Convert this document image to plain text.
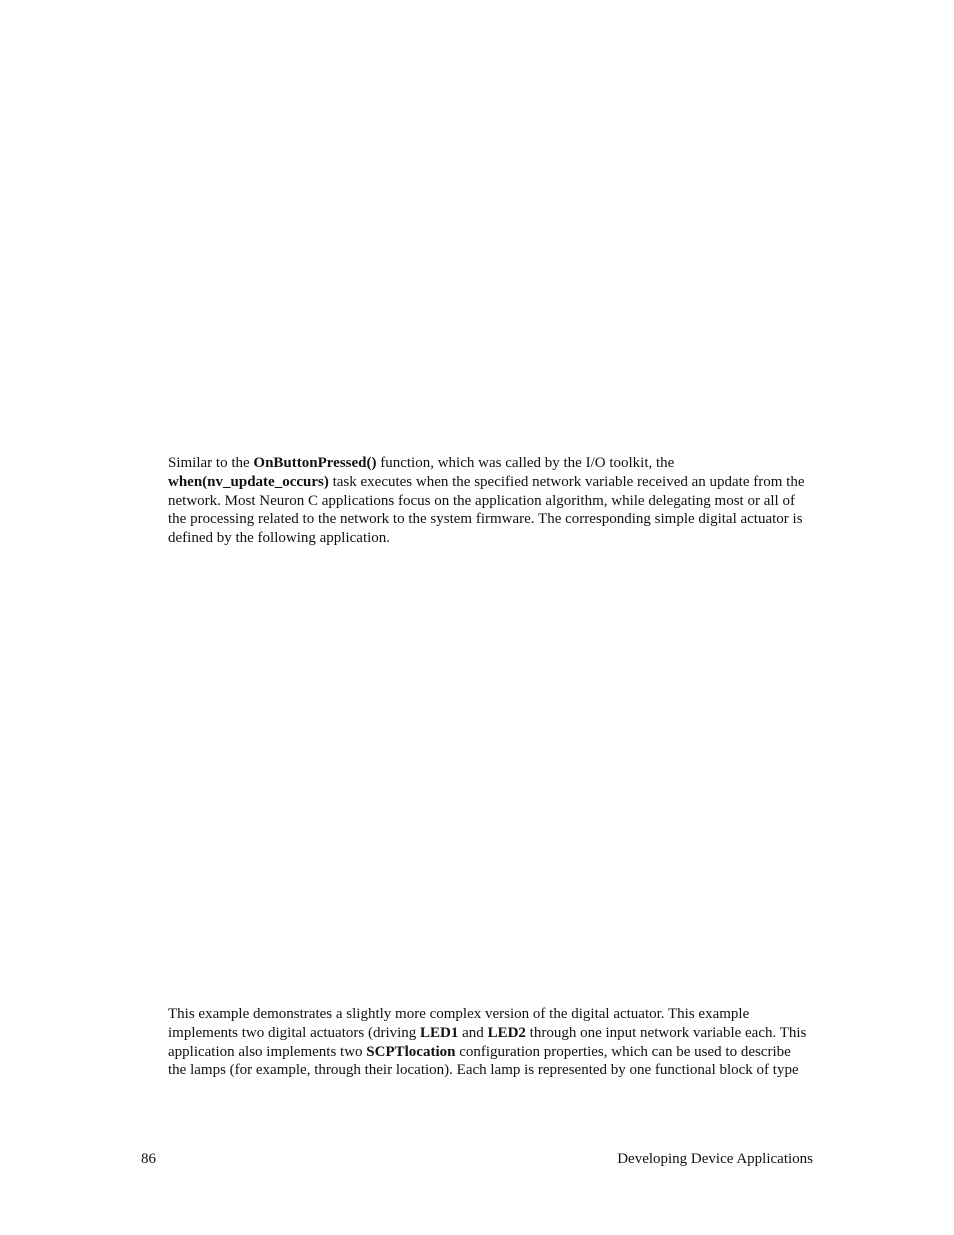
Similar to the OnButtonPressed() function, which was called by the I/O toolkit, the when(nv_update_occurs) task executes when the specified network variable received an update from the network. Most Neuron C applications focus on the application algorithm, while delegating most or all of the processing related to the network to the system firmware. The corresponding simple digital actuator is defined by the following application.
This example demonstrates a slightly more complex version of the digital actuator. This example implements two digital actuators (driving LED1 and LED2 through one input network variable each. This application also implements two SCPTlocation configuration properties, which can be used to describe the lamps (for example, through their location). Each lamp is represented by one functional block of type
86	Developing Device Applications
